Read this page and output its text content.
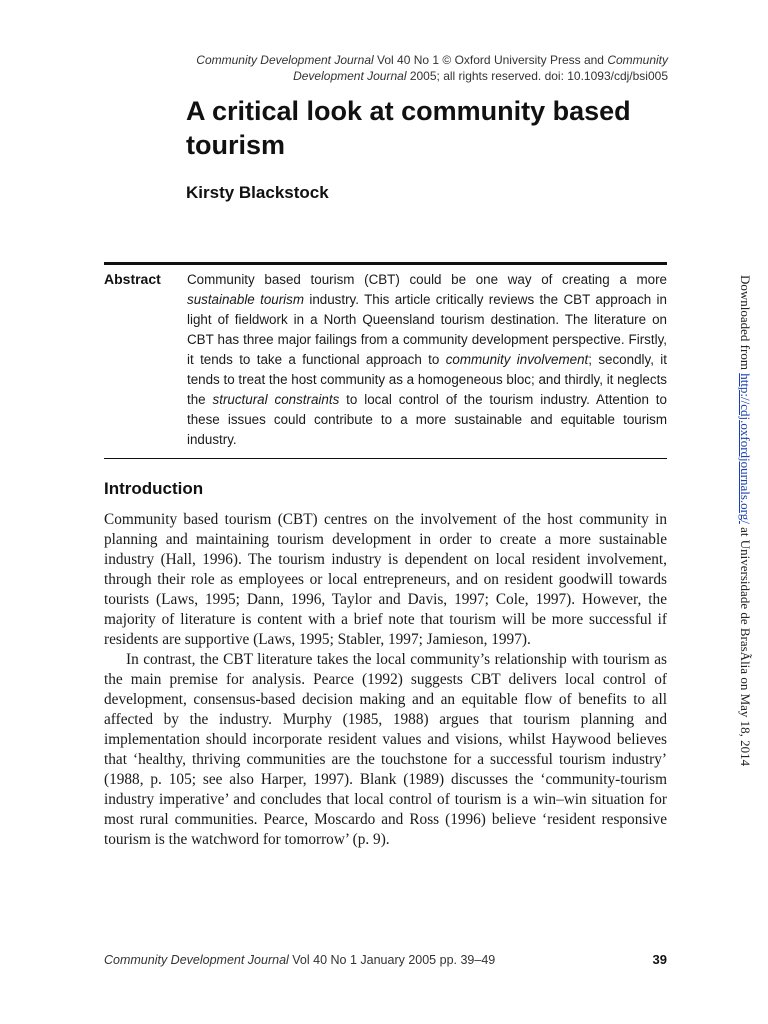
Community Development Journal Vol 40 No 1 © Oxford University Press and Community
Development Journal 2005; all rights reserved. doi: 10.1093/cdj/bsi005
A critical look at community based tourism
Kirsty Blackstock
Abstract Community based tourism (CBT) could be one way of creating a more sustainable tourism industry. This article critically reviews the CBT approach in light of fieldwork in a North Queensland tourism destination. The literature on CBT has three major failings from a community development perspective. Firstly, it tends to take a functional approach to community involvement; secondly, it tends to treat the host community as a homogeneous bloc; and thirdly, it neglects the structural constraints to local control of the tourism industry. Attention to these issues could contribute to a more sustainable and equitable tourism industry.
Introduction

Community based tourism (CBT) centres on the involvement of the host community in planning and maintaining tourism development in order to create a more sustainable industry (Hall, 1996). The tourism industry is dependent on local resident involvement, through their role as employees or local entrepreneurs, and on resident goodwill towards tourists (Laws, 1995; Dann, 1996, Taylor and Davis, 1997; Cole, 1997). However, the majority of literature is content with a brief note that tourism will be more successful if residents are supportive (Laws, 1995; Stabler, 1997; Jamieson, 1997).

In contrast, the CBT literature takes the local community’s relationship with tourism as the main premise for analysis. Pearce (1992) suggests CBT delivers local control of development, consensus-based decision making and an equitable flow of benefits to all affected by the industry. Murphy (1985, 1988) argues that tourism planning and implementation should incorporate resident values and visions, whilst Haywood believes that ‘healthy, thriving communities are the touchstone for a successful tourism industry’ (1988, p. 105; see also Harper, 1997). Blank (1989) discusses the ‘community-tourism industry imperative’ and concludes that local control of tourism is a win–win situation for most rural communities. Pearce, Moscardo and Ross (1996) believe ‘resident responsive tourism is the watchword for tomorrow’ (p. 9).

Community Development Journal Vol 40 No 1 January 2005 pp. 39–49	39
Downloaded from http://cdj.oxfordjournals.org/ at Universidade de BrasÃlia on May 18, 2014
